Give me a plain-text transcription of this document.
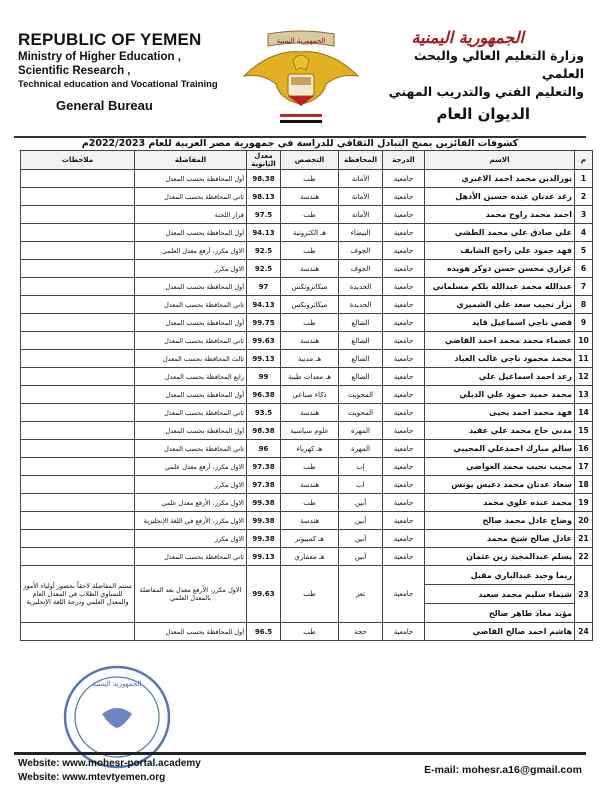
REPUBLIC OF YEMEN
Ministry of Higher Education ,
Scientific Research ,
Technical education and Vocational Training
General Bureau
الجمهورية اليمنية	الجمهورية اليمنية
وزارة التعليم العالي والبحث العلمي
والتعليم الفني والتدريب المهني
الديوان العام
كشوفات الفائزين بمنح التبادل الثقافي للدراسة في جمهورية مصر العربية للعام 2022/2023م
م	الاسم	الدرجة	المحافظة	التخصص	معدل الثانوية	المفاضلة	ملاحظات
1	نورالدين محمد احمد الاغبري	جامعية	الأمانة	طب	98.38	أول المحافظة بحسب المعدل	
2	رغد عدنان عبده حسين الأدهل	جامعية	الأمانة	هندسة	98.13	ثاني المحافظة بحسب المعدل	
3	احمد محمد راوح محمد	جامعية	الأمانة	طب	97.5	قرار اللجنة	
4	علي صادق علي محمد الطشي	جامعية	البيضاء	هـ الكترونية	94.13	أول المحافظة بحسب المعدل	
5	فهد حمود علي راجح الشايف	جامعية	الجوف	طب	92.5	الاول مكرر، أرفع معدل العلمي	
6	غزاري محسن حسن دوكر هويده	جامعية	الجوف	هندسة	92.5	الاول مكرر	
7	عبدالله محمد عبدالله بلكم مسلماني	جامعية	الحديدة	ميكاترونكس	97	أول المحافظة بحسب المعدل	
8	نزار نجيب سعد علي الشميري	جامعية	الحديدة	ميكاترونكس	94.13	ثاني المحافظة بحسب المعدل	
9	قصي ناجي اسماعيل قايد	جامعية	الضالع	طب	99.75	أول المحافظة بحسب المعدل	
10	عصماء محمد محمد احمد القاضي	جامعية	الضالع	هندسة	99.63	ثاني المحافظة بحسب المعدل	
11	محمد محمود ناجي غالب العباد	جامعية	الضالع	هـ مدنية	99.13	ثالث المحافظة بحسب المعدل	
12	رعد احمد اسماعيل علي	جامعية	الضالع	هـ معدات طبية	99	رابع المحافظة بحسب المعدل	
13	محمد حميد حمود علي الدبلي	جامعية	المحويت	ذكاء صناعي	96.38	أول المحافظة بحسب المعدل	
14	فهد محمد احمد يحيى	جامعية	المحويت	هندسة	93.5	ثاني المحافظة بحسب المعدل	
15	مدني حاج محمد علي عقيد	جامعية	المهرة	علوم سياسية	98.38	أول المحافظة بحسب المعدل	
16	سالم مبارك احمدعلي المجيبي	جامعية	المهرة	هـ كهرباء	96	ثاني المحافظة بحسب المعدل	
17	مجيب نجيب محمد العواضي	جامعية	إب	طب	97.38	الاول مكرر، أرفع معدل علمي	
18	سعاد عدنان محمد دعيس يونس	جامعية	اب	هندسة	97.38	الاول مكرر	
19	محمد عبده علوي محمد	جامعية	أبين	طب	99.38	الاول مكرر، الأرفع معدل علمي	
20	وضاح عادل محمد صالح	جامعية	أبين	هندسة	99.38	الاول مكرر، الأرفع في اللغة الإنجليزية	
21	عادل صالح شيخ محمد	جامعية	أبين	هـ كمبيوتر	99.38	الاول مكرر	
22	يسلم عبدالمجيد زين عثمان	جامعية	أبين	هـ معماري	99.13	ثاني المحافظة بحسب المعدل	
23	ريما وحيد عبدالباري مقبل	جامعية	تعز	طب	99.63	الاول مكرر، الأرفع معدل بعد المفاضلة بالمعدل العلمي	ستتم المفاضلة لاحقاً بحضور أولياء الأمور للتساوي الطلاب في المعدل العام والمعدل العلمي ودرجة اللغة الإنجليزية
	شيماء سليم محمد سعيد						
	مؤيد معاذ طاهر صالح						
24	هاشم احمد صالح القاضي	جامعية	حجة	طب	96.5	أول المحافظة بحسب المعدل	
الجمهورية اليمنية
Website: www.mohesr-portal.academy
Website: www.mtevtyemen.org
E-mail: mohesr.a16@gmail.com
